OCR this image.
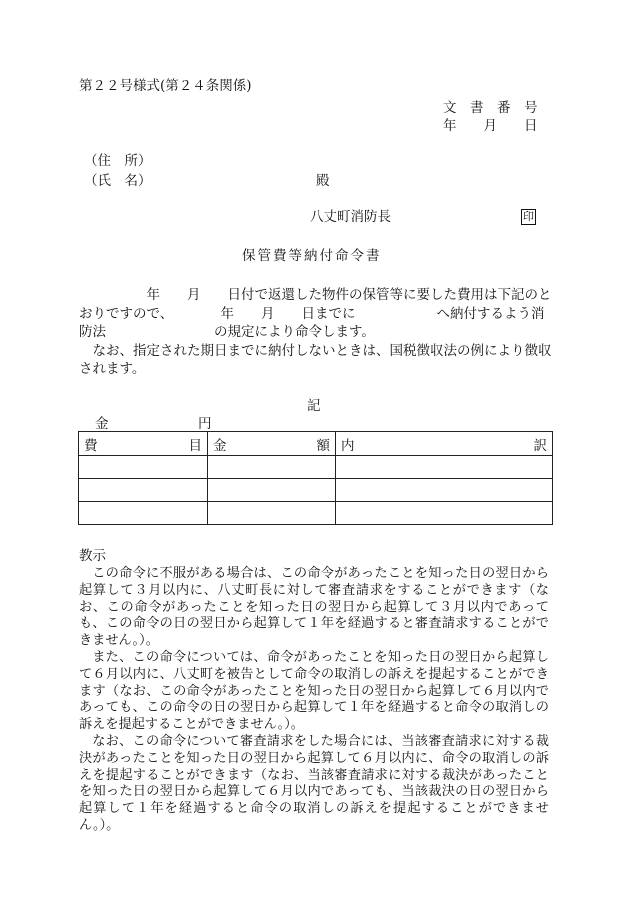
第２２号様式(第２４条関係)
文　書　番　号
年　　月　　日
（住　所）
（氏　名）	殿
八丈町消防長	印
保管費等納付命令書
　　　　　年　　月　　日付で返還した物件の保管等に要した費用は下記のと
おりですので、　　　　年　　月　　日までに　　　　　　へ納付するよう消
防法　　　　　　　　の規定により命令します。
　なお、指定された期日までに納付しないときは、国税徴収法の例により徴収
されます。
記
金	円
費 目	金 額	内 訳

教示

この命令に不服がある場合は、この命令があったことを知った日の翌日から起算して３月以内に、八丈町長に対して審査請求をすることができます（なお、この命令があったことを知った日の翌日から起算して３月以内であっても、この命令の日の翌日から起算して１年を経過すると審査請求することができません。）。

また、この命令については、命令があったことを知った日の翌日から起算して６月以内に、八丈町を被告として命令の取消しの訴えを提起することができます（なお、この命令があったことを知った日の翌日から起算して６月以内であっても、この命令の日の翌日から起算して１年を経過すると命令の取消しの訴えを提起することができません。）。

なお、この命令について審査請求をした場合には、当該審査請求に対する裁決があったことを知った日の翌日から起算して６月以内に、命令の取消しの訴えを提起することができます（なお、当該審査請求に対する裁決があったことを知った日の翌日から起算して６月以内であっても、当該裁決の日の翌日から起算して１年を経過すると命令の取消しの訴えを提起することができません。）。
